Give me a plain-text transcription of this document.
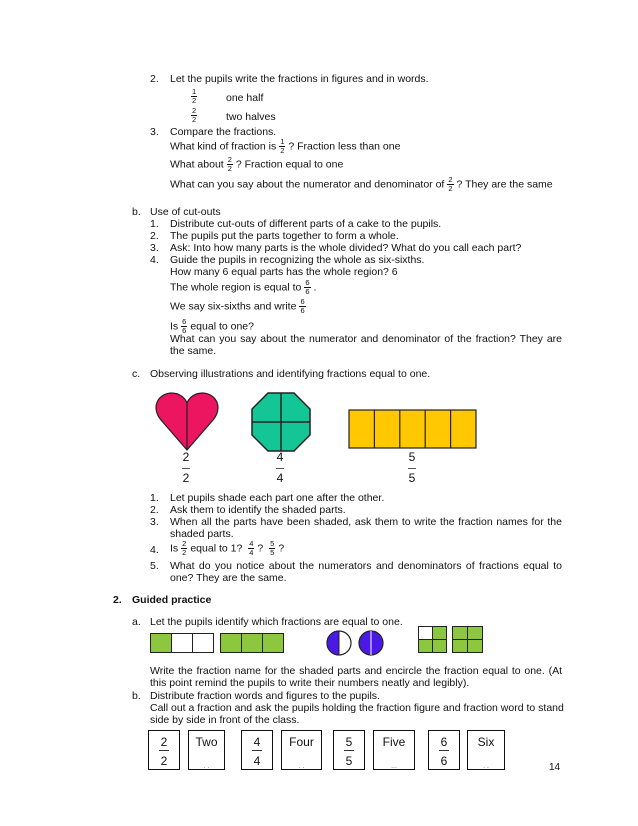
2. Let the pupils write the fractions in figures and in words.
$\frac{1}{2}$	one half
$\frac{2}{2}$	two halves
3. Compare the fractions.
What kind of fraction is $\frac{1}{2}$ ? Fraction less than one
What about $\frac{2}{2}$ ? Fraction equal to one
What can you say about the numerator and denominator of $\frac{2}{2}$ ? They are the same
b. Use of cut-outs
1. Distribute cut-outs of different parts of a cake to the pupils.
2. The pupils put the parts together to form a whole.
3. Ask: Into how many parts is the whole divided? What do you call each part?
4. Guide the pupils in recognizing the whole as six-sixths.
How many 6 equal parts has the whole region? 6
The whole region is equal to $\frac{6}{6}$ .
We say six-sixths and write $\frac{6}{6}$
Is $\frac{6}{6}$ equal to one?
What can you say about the numerator and denominator of the fraction? They are the same.
c. Observing illustrations and identifying fractions equal to one.
2
2
4
4
5
5
1. Let pupils shade each part one after the other.
2. Ask them to identify the shaded parts.
3. When all the parts have been shaded, ask them to write the fraction names for the shaded parts.
4. Is $\frac{2}{2}$ equal to 1? $\frac{4}{4}$ ? $\frac{5}{5}$ ?
5. What do you notice about the numerators and denominators of fractions equal to one? They are the same.
2. Guided practice
a. Let the pupils identify which fractions are equal to one.
Write the fraction name for the shaded parts and encircle the fraction equal to one. (At this point remind the pupils to write their numbers neatly and legibly).
b. Distribute fraction words and figures to the pupils.
Call out a fraction and ask the pupils holding the fraction figure and fraction word to stand side by side in front of the class.
2
2
Two
. .
4
4
Four
. .
5
5
Five
...
6
6
Six
. .	14
